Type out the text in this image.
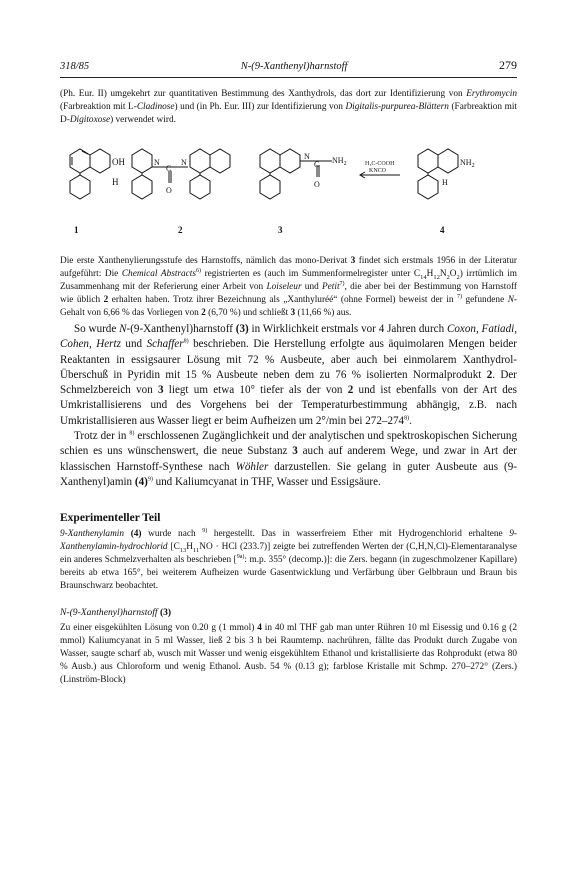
318/85	N-(9-Xanthenyl)harnstoff	279

(Ph. Eur. II) umgekehrt zur quantitativen Bestimmung des Xanthydrols, das dort zur Identifizierung von Erythromycin (Farbreaktion mit L-Cladinose) und (in Ph. Eur. III) zur Identifizierung von Digitalis-purpurea-Blättern (Farbreaktion mit D-Digitoxose) verwendet wird.

OH
H
N
C
N
O
N
C
O
$NH_2$	H₃C-COOH
KNCO
$NH_2$
H
1	2	3	4

Die erste Xanthenylierungsstufe des Harnstoffs, nämlich das mono-Derivat 3 findet sich erstmals 1956 in der Literatur aufgeführt: Die Chemical Abstracts$^{6)}$ registrierten es (auch im Summenformelregister unter $C_{14}H_{12}N_2O_2$) irrtümlich im Zusammenhang mit der Referierung einer Arbeit von Loiseleur und Petit$^{7)}$, die aber bei der Bestimmung von Harnstoff wie üblich 2 erhalten haben. Trotz ihrer Bezeichnung als „Xanthyluréé“ (ohne Formel) beweist der in $^{7)}$ gefundene N-Gehalt von 6,66 % das Vorliegen von 2 (6,70 %) und schließt 3 (11,66 %) aus.

So wurde N-(9-Xanthenyl)harnstoff (3) in Wirklichkeit erstmals vor 4 Jahren durch Coxon, Fatiadi, Cohen, Hertz und Schaffer$^{8)}$ beschrieben. Die Herstellung erfolgte aus äquimolaren Mengen beider Reaktanten in essigsaurer Lösung mit 72 % Ausbeute, aber auch bei einmolarem Xanthydrol-Überschuß in Pyridin mit 15 % Ausbeute neben dem zu 76 % isolierten Normalprodukt 2. Der Schmelzbereich von 3 liegt um etwa 10° tiefer als der von 2 und ist ebenfalls von der Art des Umkristallisierens und des Vorgehens bei der Temperaturbestimmung abhängig, z.B. nach Umkristallisieren aus Wasser liegt er beim Aufheizen um 2°/min bei 272–274$^{8)}$.

Trotz der in $^{8)}$ erschlossenen Zugänglichkeit und der analytischen und spektroskopischen Sicherung schien es uns wünschenswert, die neue Substanz 3 auch auf anderem Wege, und zwar in Art der klassischen Harnstoff-Synthese nach Wöhler darzustellen. Sie gelang in guter Ausbeute aus (9-Xanthenyl)amin $(4)^{9)}$ und Kaliumcyanat in THF, Wasser und Essigsäure.

Experimenteller Teil

9-Xanthenylamin (4) wurde nach $^{9)}$ hergestellt. Das in wasserfreiem Ether mit Hydrogenchlorid erhaltene 9-Xanthenylamin-hydrochlorid [$C_{13}H_{11}NO$ · HCl (233.7)] zeigte bei zutreffenden Werten der (C,H,N,Cl)-Elementaranalyse ein anderes Schmelzverhalten als beschrieben [$^{9a)}$: m.p. 355° (decomp.)]: die Zers. begann (in zugeschmolzener Kapillare) bereits ab etwa 165°, bei weiterem Aufheizen wurde Gasentwicklung und Verfärbung über Gelbbraun und Braun bis Braunschwarz beobachtet.

N-(9-Xanthenyl)harnstoff (3)

Zu einer eisgekühlten Lösung von 0.20 g (1 mmol) 4 in 40 ml THF gab man unter Rühren 10 ml Eisessig und 0.16 g (2 mmol) Kaliumcyanat in 5 ml Wasser, ließ 2 bis 3 h bei Raumtemp. nachrühren, fällte das Produkt durch Zugabe von Wasser, saugte scharf ab, wusch mit Wasser und wenig eisgekühltem Ethanol und kristallisierte das Rohprodukt (etwa 80 % Ausb.) aus Chloroform und wenig Ethanol. Ausb. 54 % (0.13 g); farblose Kristalle mit Schmp. 270–272° (Zers.) (Linström-Block)
